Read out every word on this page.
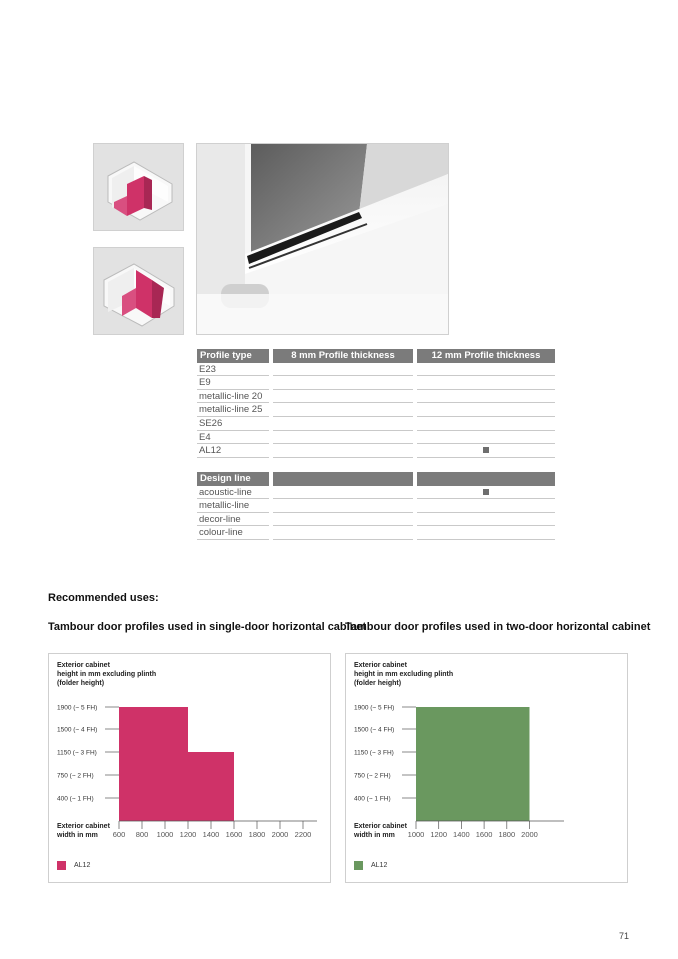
Profile type	8 mm Profile thickness	12 mm Profile thickness
E23
E9
metallic-line 20
metallic-line 25
SE26
E4
AL12
Design line
acoustic-line
metallic-line
decor-line
colour-line
Recommended uses:
Tambour door profiles used in single-door horizontal cabinet
Tambour door profiles used in two-door horizontal cabinet
Exterior cabinet
height in mm excluding plinth
(folder height)
400 (~ 1 FH)
750 (~ 2 FH)
1150 (~ 3 FH)
1500 (~ 4 FH)
1900 (~ 5 FH)
600 800 1000 1200 1400 1600 1800 2000 2200
Exterior cabinet
width in mm
AL12
Exterior cabinet
height in mm excluding plinth
(folder height)
400 (~ 1 FH)
750 (~ 2 FH)
1150 (~ 3 FH)
1500 (~ 4 FH)
1900 (~ 5 FH)
1000 1200 1400 1600 1800 2000
Exterior cabinet
width in mm
AL12
71
